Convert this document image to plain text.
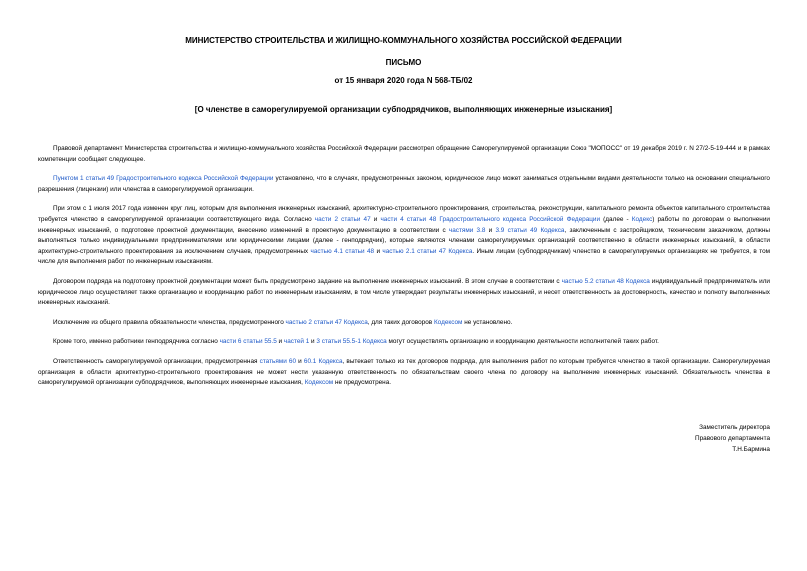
МИНИСТЕРСТВО СТРОИТЕЛЬСТВА И ЖИЛИЩНО-КОММУНАЛЬНОГО ХОЗЯЙСТВА РОССИЙСКОЙ ФЕДЕРАЦИИ
ПИСЬМО
от 15 января 2020 года N 568-ТБ/02
[О членстве в саморегулируемой организации субподрядчиков, выполняющих инженерные изыскания]

Правовой департамент Министерства строительства и жилищно-коммунального хозяйства Российской Федерации рассмотрел обращение Саморегулируемой организации Союз "МОПОСС" от 19 декабря 2019 г. N 27/2-5-19-444 и в рамках компетенции сообщает следующее.

Пунктом 1 статьи 49 Градостроительного кодекса Российской Федерации установлено, что в случаях, предусмотренных законом, юридическое лицо может заниматься отдельными видами деятельности только на основании специального разрешения (лицензии) или членства в саморегулируемой организации.

При этом с 1 июля 2017 года изменен круг лиц, которым для выполнения инженерных изысканий, архитектурно-строительного проектирования, строительства, реконструкции, капитального ремонта объектов капитального строительства требуется членство в саморегулируемой организации соответствующего вида. Согласно части 2 статьи 47 и части 4 статьи 48 Градостроительного кодекса Российской Федерации (далее - Кодекс) работы по договорам о выполнении инженерных изысканий, о подготовке проектной документации, внесению изменений в проектную документацию в соответствии с частями 3.8 и 3.9 статьи 49 Кодекса, заключенным с застройщиком, техническим заказчиком, должны выполняться только индивидуальными предпринимателями или юридическими лицами (далее - генподрядчик), которые являются членами саморегулируемых организаций соответственно в области инженерных изысканий, в области архитектурно-строительного проектирования за исключением случаев, предусмотренных частью 4.1 статьи 48 и частью 2.1 статьи 47 Кодекса. Иным лицам (субподрядчикам) членство в саморегулируемых организациях не требуется, в том числе для выполнения работ по инженерным изысканиям.

Договором подряда на подготовку проектной документации может быть предусмотрено задание на выполнение инженерных изысканий. В этом случае в соответствии с частью 5.2 статьи 48 Кодекса индивидуальный предприниматель или юридическое лицо осуществляет также организацию и координацию работ по инженерным изысканиям, в том числе утверждает результаты инженерных изысканий, и несет ответственность за достоверность, качество и полноту выполненных инженерных изысканий.

Исключение из общего правила обязательности членства, предусмотренного частью 2 статьи 47 Кодекса, для таких договоров Кодексом не установлено.

Кроме того, именно работники генподрядчика согласно части 6 статьи 55.5 и частей 1 и 3 статьи 55.5-1 Кодекса могут осуществлять организацию и координацию деятельности исполнителей таких работ.

Ответственность саморегулируемой организации, предусмотренная статьями 60 и 60.1 Кодекса, вытекает только из тех договоров подряда, для выполнения работ по которым требуется членство в такой организации. Саморегулируемая организация в области архитектурно-строительного проектирования не может нести указанную ответственность по обязательствам своего члена по договору на выполнение инженерных изысканий. Обязательность членства в саморегулируемой организации субподрядчиков, выполняющих инженерные изыскания, Кодексом не предусмотрена.

Заместитель директора
Правового департамента
Т.Н.Бармина
